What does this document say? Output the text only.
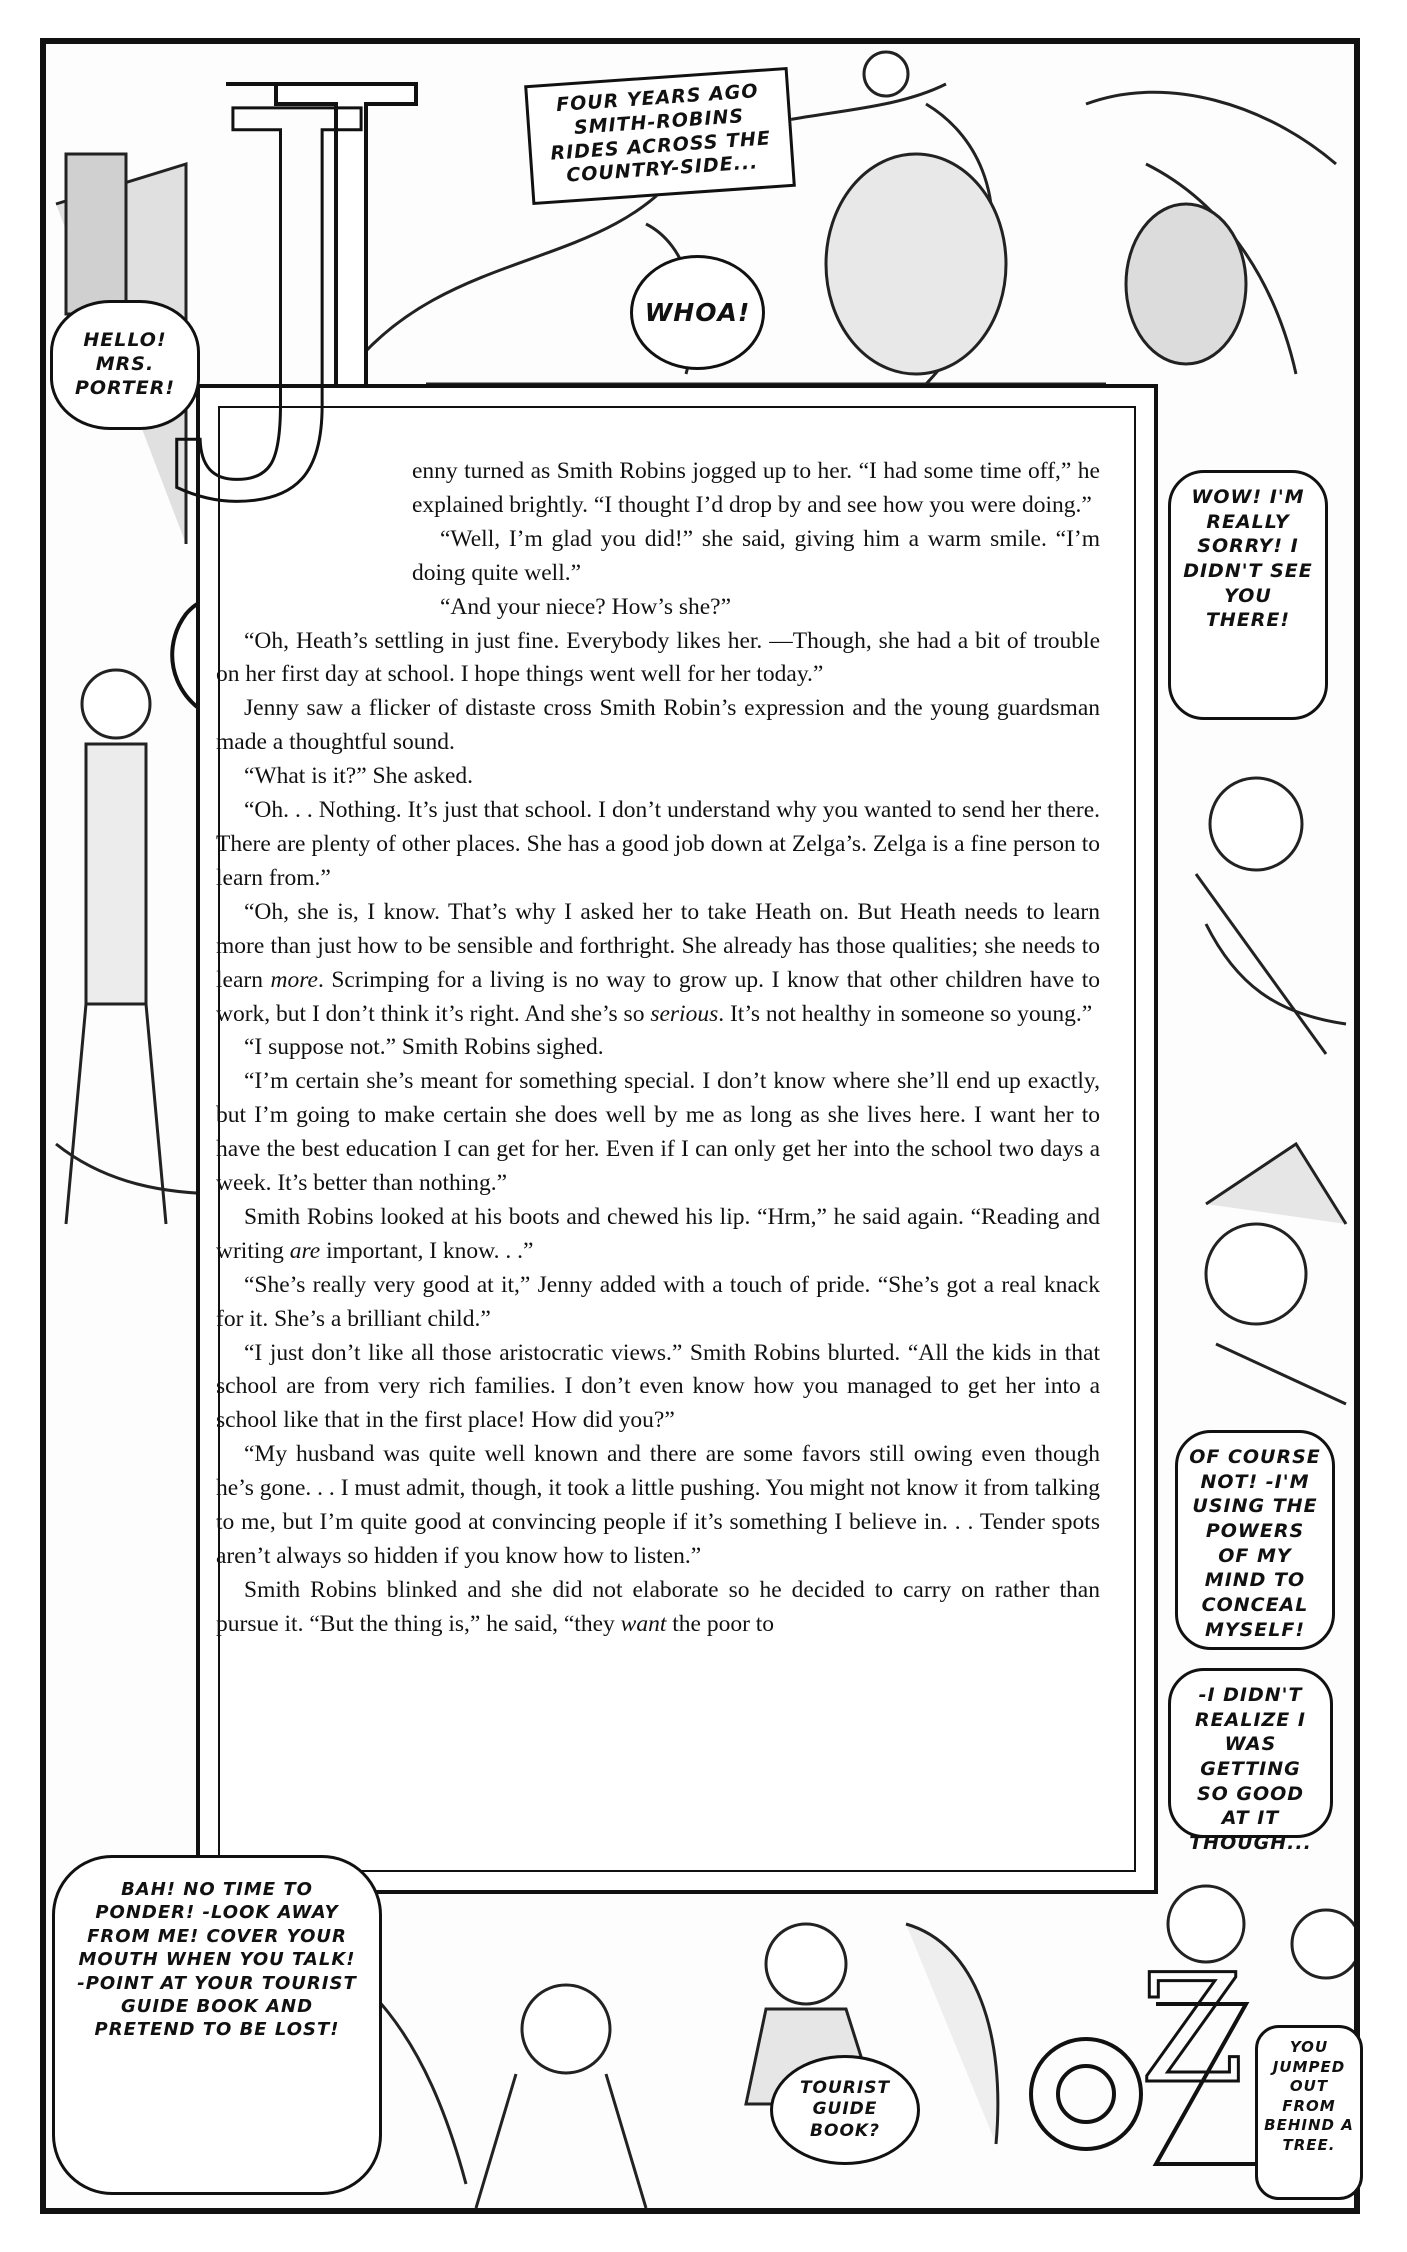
enny turned as Smith Robins jogged up to her. “I had some time off,” he explained brightly. “I thought I’d drop by and see how you were doing.”

“Well, I’m glad you did!” she said, giving him a warm smile. “I’m doing quite well.”

“And your niece? How’s she?”

“Oh, Heath’s settling in just fine. Everybody likes her. —Though, she had a bit of trouble on her first day at school. I hope things went well for her today.”

Jenny saw a flicker of distaste cross Smith Robin’s expression and the young guardsman made a thoughtful sound.

“What is it?” She asked.

“Oh. . . Nothing. It’s just that school. I don’t understand why you wanted to send her there. There are plenty of other places. She has a good job down at Zelga’s. Zelga is a fine person to learn from.”

“Oh, she is, I know. That’s why I asked her to take Heath on. But Heath needs to learn more than just how to be sensible and forthright. She already has those qualities; she needs to learn more. Scrimping for a living is no way to grow up. I know that other children have to work, but I don’t think it’s right. And she’s so serious. It’s not healthy in someone so young.”

“I suppose not.” Smith Robins sighed.

“I’m certain she’s meant for something special. I don’t know where she’ll end up exactly, but I’m going to make certain she does well by me as long as she lives here. I want her to have the best education I can get for her. Even if I can only get her into the school two days a week. It’s better than nothing.”

Smith Robins looked at his boots and chewed his lip. “Hrm,” he said again. “Reading and writing are important, I know. . .”

“She’s really very good at it,” Jenny added with a touch of pride. “She’s got a real knack for it. She’s a brilliant child.”

“I just don’t like all those aristocratic views.” Smith Robins blurted. “All the kids in that school are from very rich families. I don’t even know how you managed to get her into a school like that in the first place! How did you?”

“My husband was quite well known and there are some favors still owing even though he’s gone. . . I must admit, though, it took a little pushing. You might not know it from talking to me, but I’m quite good at convincing people if it’s something I believe in. . . Tender spots aren’t always so hidden if you know how to listen.”

Smith Robins blinked and she did not elaborate so he decided to carry on rather than pursue it. “But the thing is,” he said, “they want the poor to

FOUR YEARS AGO SMITH-ROBINS RIDES ACROSS THE COUNTRY-SIDE...
WHOA!
HELLO! MRS. PORTER!
WOW! I'M REALLY SORRY! I DIDN'T SEE YOU THERE!
OF COURSE NOT! -I'M USING THE POWERS OF MY MIND TO CONCEAL MYSELF!
-I DIDN'T REALIZE I WAS GETTING SO GOOD AT IT THOUGH...
BAH! NO TIME TO PONDER! -LOOK AWAY FROM ME! COVER YOUR MOUTH WHEN YOU TALK! -POINT AT YOUR TOURIST GUIDE BOOK AND PRETEND TO BE LOST!
TOURIST GUIDE BOOK?
YOU JUMPED OUT FROM BEHIND A TREE.
